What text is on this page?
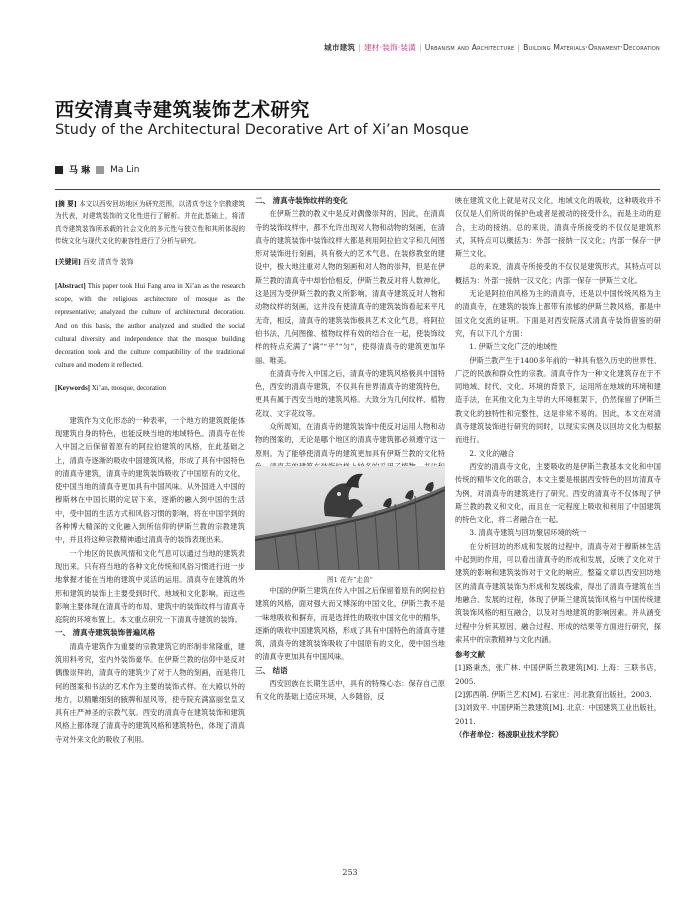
城市建筑 | 建材·装饰·装潢 | Urbanism and Architecture | Building Materials·Ornament·Decoration
西安清真寺建筑装饰艺术研究
Study of the Architectural Decorative Art of Xi’an Mosque
马 琳 Ma Lin

[摘 要] 本文以西安回坊地区为研究范围，以清真寺这个宗教建筑为代表，对建筑装饰的文化性进行了解析。并在此基础上，将清真寺建筑装饰所承载的社会文化的多元性与独立性和其所体现的传统文化与现代文化的兼容性进行了分析与研究。

[关键词] 西安 清真寺 装饰

[Abstract] This paper took Hui Fang area in Xi’an as the research scope, with the religious architecture of mosque as the representative; analyzed the culture of architectural decoration. And on this basis, the author analyzed and studied the social cultural diversity and independence that the mosque building decoration took and the culture compatibility of the traditional culture and modern it reflected.

[Keywords] Xi’an, mosque, decoration

建筑作为文化形态的一种表率，一个地方的建筑既能体现建筑自身的特色，也能反映当地的地域特色。清真寺在传入中国之后保留着原有的阿拉伯建筑的风格，在此基础之上，清真寺逐渐的吸收中国建筑风格，形成了具有中国特色的清真寺建筑，清真寺的建筑装饰吸收了中国原有的文化，使中国当地的清真寺更加具有中国风味。从外国进入中国的穆斯林在中国长期的定居下来，逐渐的融入到中国的生活中，受中国的生活方式和风俗习惯的影响，将在中国学到的各种博大精深的文化融入到所信仰的伊斯兰教的宗教建筑中，并且将这种宗教精神通过清真寺的装饰表现出来。

一个地区的民族风情和文化气息可以通过当地的建筑表现出来。只有将当地的各种文化传统和风俗习惯进行进一步地掌握才能在当地的建筑中灵活的运用。清真寺在建筑的外形和建筑的装饰上主要受到时代、地域和文化影响。而这些影响主要体现在清真寺的布局、建筑中的装饰纹样与清真寺庭院的环境布置上。本文重点研究一下清真寺建筑的装饰。

一、 清真寺建筑装饰普遍风格

清真寺建筑作为重要的宗教建筑它的形制非常隆重，建筑用料考究，室内外装饰豪华。在伊斯兰教的信仰中是反对偶像崇拜的，清真寺的建筑少了对于人物的刻画，而是将几何的图案和书法的艺术作为主要的装饰式样。在大殿以外的地方，以精雕细刻的腋牌和屋风等，使寺院充满富丽堂皇又具有庄严神圣的宗教气氛。西安的清真寺在建筑装饰和建筑风格上都体现了清真寺的建筑风格和建筑特色，体现了清真寺对外来文化的吸收了利用。

二、 清真寺装饰纹样的变化

在伊斯兰教的教义中是反对偶像崇拜的，因此，在清真寺的装饰纹样中，都不允许出现对人物和动物的刻画，在清真寺的建筑装饰中装饰纹样大都是利用阿拉伯文字和几何图形对装饰进行刻画，具有极大的艺术气息。在装修教堂的建设中，极大地注重对人物的刻画和对人物的崇拜，但是在伊斯兰教的清真寺中却恰恰相反，伊斯兰教反对将人数神化，这是因为受伊斯兰教的教义所影响。清真寺建筑反对人物和动物纹样的刻画，这并没有使清真寺的建筑装饰看起来平凡无奇，相反，清真寺的建筑装饰极具艺术文化气息，将阿拉伯书法、几何图像、植物纹样有效的结合在一起，使装饰纹样的特点充满了“满”“平”“匀”，使得清真寺的建筑更加华丽、唯美。

在清真寺传入中国之后，清真寺的建筑风格极具中国特色，西安的清真寺建筑，不仅具有世界清真寺的建筑特色，更具有属于西安当地的建筑风格。大致分为几何纹样、植物花纹、文字花纹等。

众所周知，在清真寺的建筑装饰中使反对运用人物和动物的图案的，无论是哪个地区的清真寺建筑都必须遵守这一原则。为了能够使清真寺的建筑更加具有伊斯兰教的文化特

图1 花卉“走兽”

中国的伊斯兰建筑在传入中国之后保留着原有的阿拉伯建筑的风格，面对强大而又博深的中国文化，伊斯兰教不是一味地吸收和摒弃，而是选择性的吸收中国文化中的精华，逐渐的吸收中国建筑风格，形成了具有中国特色的清真寺建筑，清真寺的建筑装饰吸收了中国原有的文化，使中国当地的清真寺更加具有中国风味。

三、 结语

西安回族在长期生活中，具有的特殊心态：保存自己原有文化的基础上适应环境，入乡随俗，反

映在建筑文化上就是对汉文化，地域文化的吸收，这种吸收并不仅仅是人们所说的保护色或者是被动的接受什么，而是主动的迎合，主动的接纳。总的来说，清真寺所接受的不仅仅是建筑形式，其特点可以概括为：外部一接纳一汉文化；内部一保存一伊斯兰文化。

总的来说，清真寺所接受的不仅仅是建筑形式，其特点可以概括为：外部一接纳一汉文化；内部一保存一伊斯兰文化。

无论是阿拉伯风格为主的清真寺，还是以中国传统风格为主的清真寺，在建筑的装饰上都带有浓郁的伊斯兰教风格，都是中国文化交流的证明。下面是对西安院落式清真寺装饰借鉴的研究，有以下几个方面：

1. 伊斯兰文化广泛的地域性

伊斯兰教产生于1400多年前的一种具有悠久历史的世界性、广泛的民族和群众性的宗教。清真寺作为一种文化建筑存在于不同地域、时代、文化、环境的背景下，运用所在地域的环境和建造手法，在其他文化为主导的大环境框架下，仍然保留了伊斯兰教文化的独特性和完整性，这是非常不易的。因此，本文在对清真寺建筑装饰进行研究的同时，以现实实例及以回坊文化为根据而进行。

2. 文化的融合

西安的清真寺文化，主要吸收的是伊斯兰教基本文化和中国传统的精华文化的联合，本文主要是根据西安特色的回坊清真寺为例，对清真寺的建筑进行了研究。西安的清真寺不仅体现了伊斯兰教的教义和文化，而且在一定程度上吸收和利用了中国建筑的特色文化，将二者融合在一起。

3. 清真寺建筑与回坊聚居环境的统一

在分析回坊的形成和发展的过程中，清真寺对于穆斯林生活中起到的作用，可以看出清真寺的形成和发展，反映了文化对于建筑的影响和建筑装饰对于文化的响应。整篇文章以西安回坊地区的清真寺建筑装饰为形成和发展线索，得出了清真寺建筑在当地融合、发展的过程，体现了伊斯兰建筑装饰风格与中国传统建筑装饰风格的相互融合，以及对当地建筑的影响因素。并从涵变过程中分析其原因、融合过程、形成的结果等方面进行研究，探索其中的宗教精神与文化内涵。

参考文献

[1]路秉杰，张广林. 中国伊斯兰教建筑[M]. 上海：三联书店，2005.

[2]郭西萌. 伊斯兰艺术[M]. 石家庄：河北教育出版社，2003.

[3]刘致平. 中国伊斯兰教建筑[M]. 北京：中国建筑工业出版社，2011.

（作者单位：杨凌职业技术学院）

253
